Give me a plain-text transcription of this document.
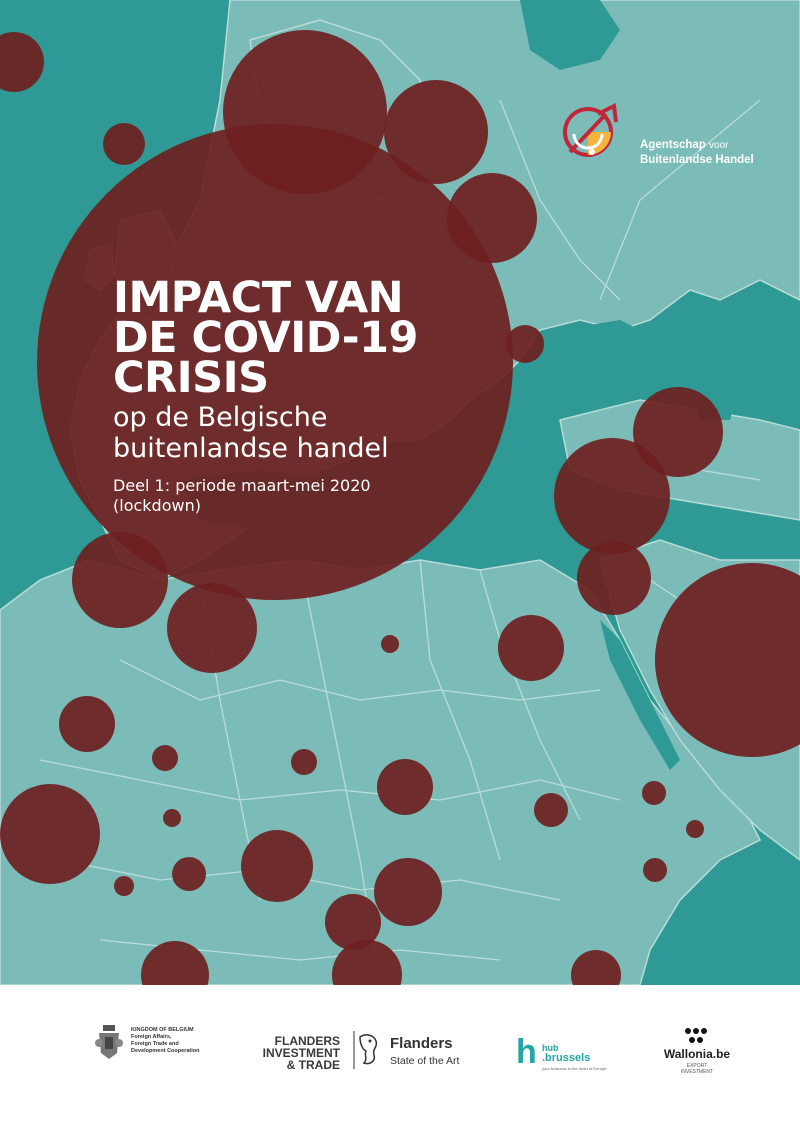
Agentschap voor
Buitenlandse Handel
IMPACT VAN
DE COVID-19
CRISIS
op de Belgische
buitenlandse handel
Deel 1: periode maart-mei 2020
(lockdown)
KINGDOM OF BELGIUM
Foreign Affairs,
Foreign Trade and
Development Cooperation
FLANDERS
INVESTMENT
& TRADE
Flanders
State of the Art h hub
.brussels
your business in the heart of Europe
Wallonia.be
EXPORT
INVESTMENT
